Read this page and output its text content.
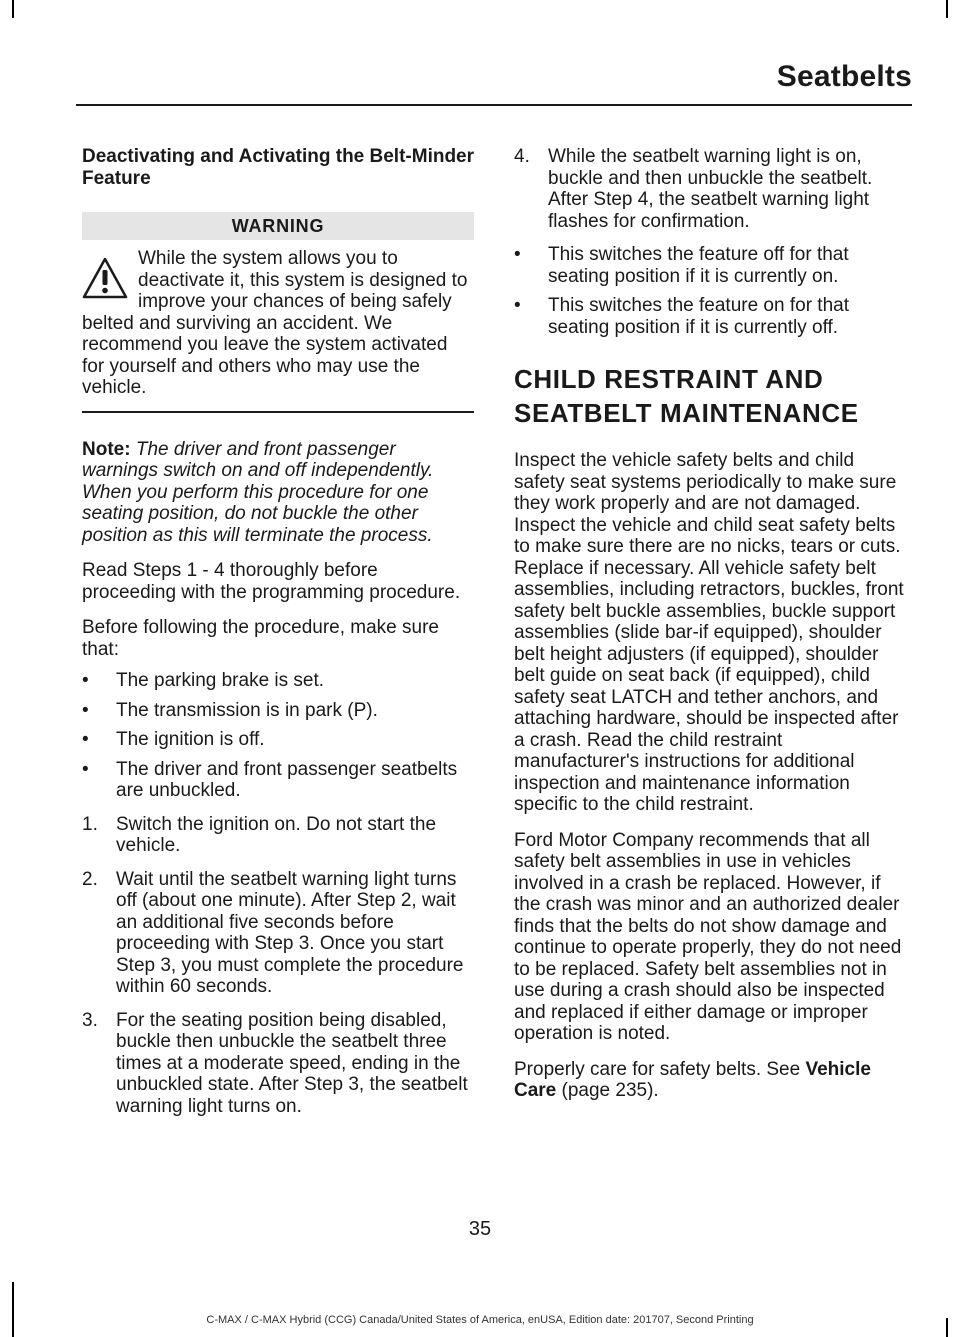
Seatbelts
Deactivating and Activating the Belt-Minder Feature
WARNING
While the system allows you to deactivate it, this system is designed to improve your chances of being safely belted and surviving an accident. We recommend you leave the system activated for yourself and others who may use the vehicle.

Note: The driver and front passenger warnings switch on and off independently. When you perform this procedure for one seating position, do not buckle the other position as this will terminate the process.

Read Steps 1 - 4 thoroughly before proceeding with the programming procedure.

Before following the procedure, make sure that:

• The parking brake is set.
• The transmission is in park (P).
• The ignition is off.
• The driver and front passenger seatbelts are unbuckled.
1. Switch the ignition on. Do not start the vehicle.
2. Wait until the seatbelt warning light turns off (about one minute). After Step 2, wait an additional five seconds before proceeding with Step 3. Once you start Step 3, you must complete the procedure within 60 seconds.
3. For the seating position being disabled, buckle then unbuckle the seatbelt three times at a moderate speed, ending in the unbuckled state. After Step 3, the seatbelt warning light turns on.
4. While the seatbelt warning light is on, buckle and then unbuckle the seatbelt. After Step 4, the seatbelt warning light flashes for confirmation.
• This switches the feature off for that seating position if it is currently on.
• This switches the feature on for that seating position if it is currently off.
CHILD RESTRAINT AND
SEATBELT MAINTENANCE

Inspect the vehicle safety belts and child safety seat systems periodically to make sure they work properly and are not damaged. Inspect the vehicle and child seat safety belts to make sure there are no nicks, tears or cuts. Replace if necessary. All vehicle safety belt assemblies, including retractors, buckles, front safety belt buckle assemblies, buckle support assemblies (slide bar-if equipped), shoulder belt height adjusters (if equipped), shoulder belt guide on seat back (if equipped), child safety seat LATCH and tether anchors, and attaching hardware, should be inspected after a crash. Read the child restraint manufacturer's instructions for additional inspection and maintenance information specific to the child restraint.

Ford Motor Company recommends that all safety belt assemblies in use in vehicles involved in a crash be replaced. However, if the crash was minor and an authorized dealer finds that the belts do not show damage and continue to operate properly, they do not need to be replaced. Safety belt assemblies not in use during a crash should also be inspected and replaced if either damage or improper operation is noted.

Properly care for safety belts. See Vehicle Care (page 235).

35
C-MAX / C-MAX Hybrid (CCG) Canada/United States of America, enUSA, Edition date: 201707, Second Printing
